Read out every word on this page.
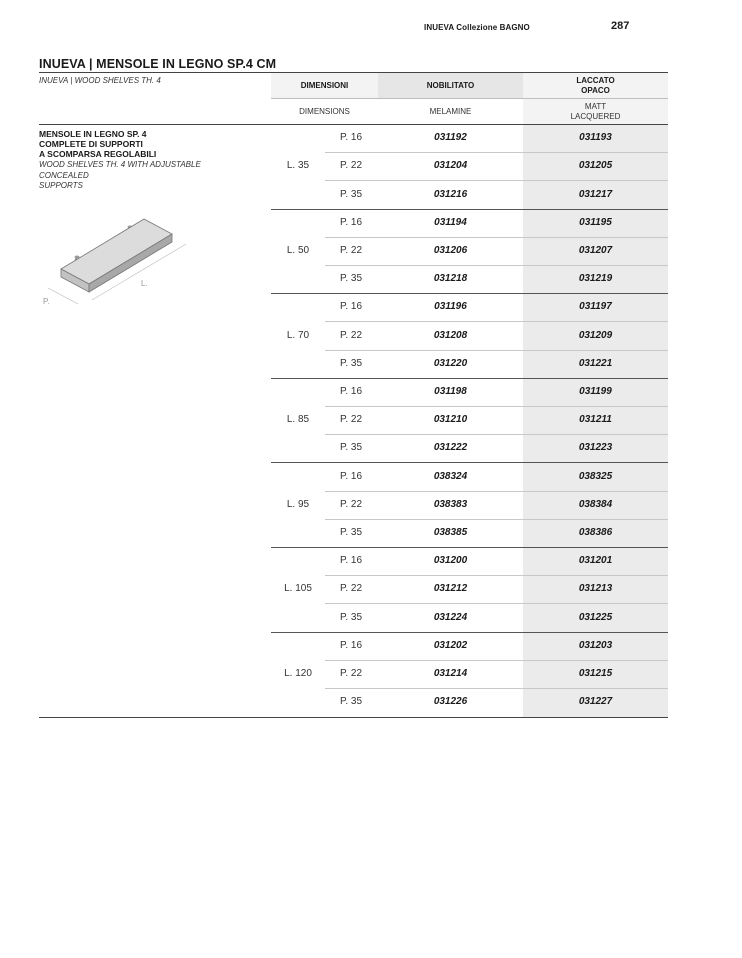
INUEVA Collezione BAGNO	287
INUEVA | MENSOLE IN LEGNO SP.4 CM
INUEVA | WOOD SHELVES TH. 4	DIMENSIONI	NOBILITATO
LACCATO
OPACO
DIMENSIONS	MELAMINE
MATT
LACQUERED
MENSOLE IN LEGNO SP. 4
COMPLETE DI SUPPORTI
A SCOMPARSA REGOLABILI
WOOD SHELVES TH. 4 WITH ADJUSTABLE
CONCEALED
SUPPORTS
L.
P.
L. 35
P. 16	031192	031193
P. 22	031204	031205
P. 35	031216	031217
L. 50
P. 16	031194	031195
P. 22	031206	031207
P. 35	031218	031219
L. 70
P. 16	031196	031197
P. 22	031208	031209
P. 35	031220	031221
L. 85
P. 16	031198	031199
P. 22	031210	031211
P. 35	031222	031223
L. 95
P. 16	038324	038325
P. 22	038383	038384
P. 35	038385	038386
L. 105
P. 16	031200	031201
P. 22	031212	031213
P. 35	031224	031225
L. 120
P. 16	031202	031203
P. 22	031214	031215
P. 35	031226	031227
